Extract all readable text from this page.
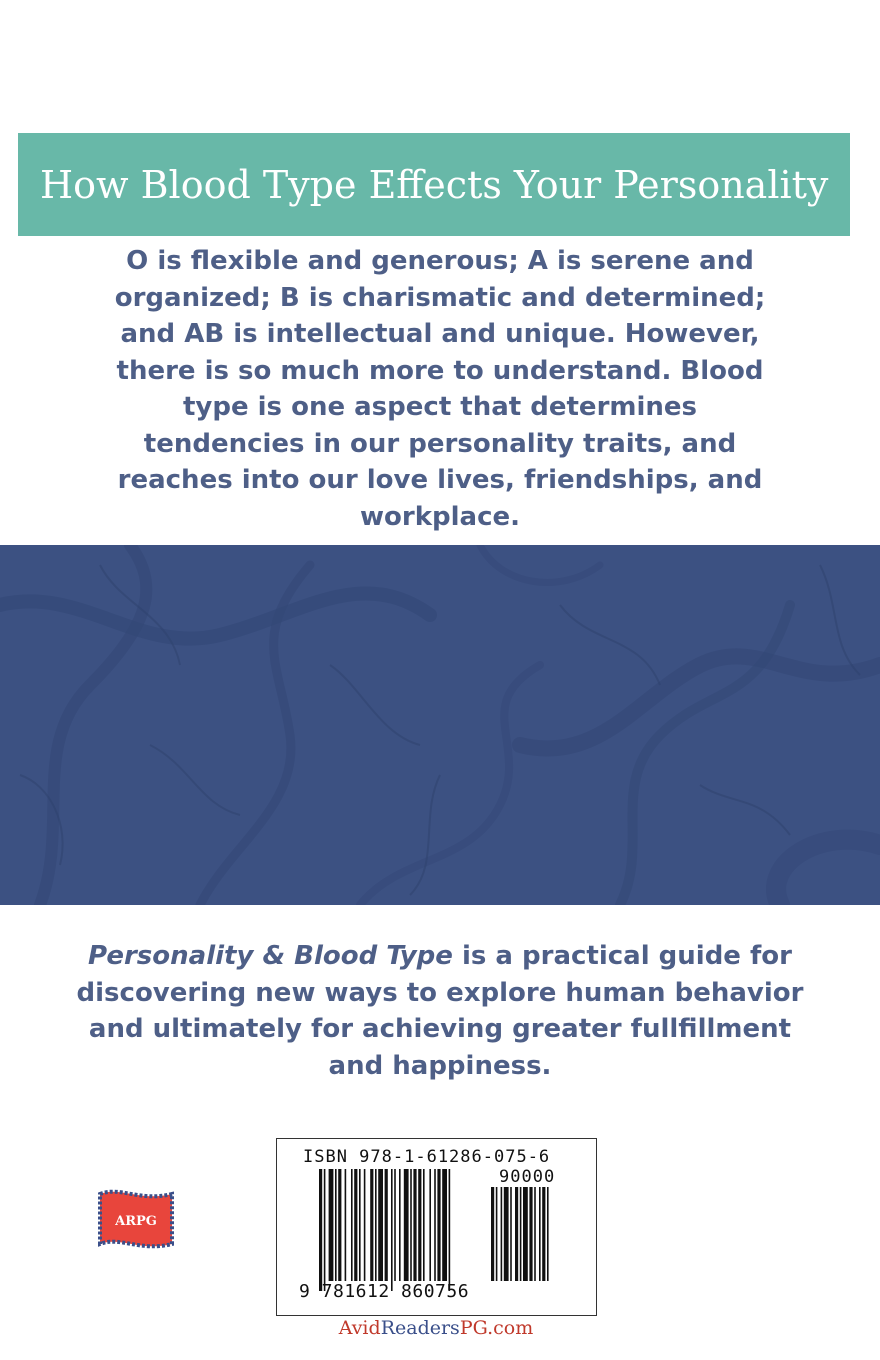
How Blood Type Effects Your Personality

O is flexible and generous; A is serene and organized; B is charismatic and determined; and AB is intellectual and unique. However, there is so much more to understand. Blood type is one aspect that determines tendencies in our personality traits, and reaches into our love lives, friendships, and workplace.

Personality & Blood Type is a practical guide for discovering new ways to explore human behavior and ultimately for achieving greater fullfillment and happiness.

ARPG

ISBN 978-1-61286-075-6

90000

9 781612 860756

AvidReadersPG.com
